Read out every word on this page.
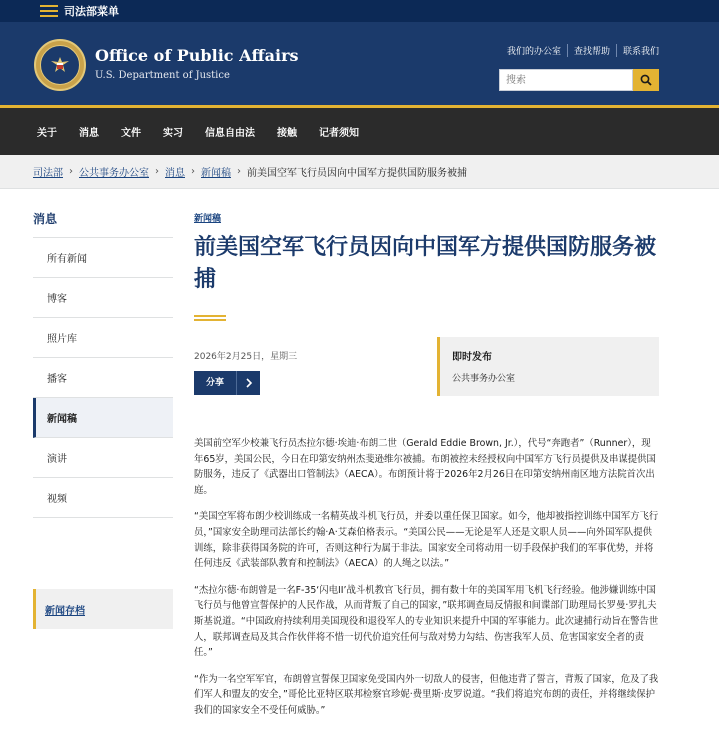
司法部菜单
Office of Public Affairs
U.S. Department of Justice
我们的办公室	查找帮助	联系我们
搜索
关于	消息	文件	实习	信息自由法	接触	记者须知
司法部 › 公共事务办公室 › 消息 › 新闻稿 › 前美国空军飞行员因向中国军方提供国防服务被捕
消息
所有新闻
博客
照片库
播客
新闻稿
演讲
视频
新闻存档
新闻稿
前美国空军飞行员因向中国军方提供国防服务被捕
2026年2月25日，星期三
分享
即时发布
公共事务办公室

美国前空军少校兼飞行员杰拉尔德·埃迪·布朗二世（Gerald Eddie Brown, Jr.），代号“奔跑者”（Runner），现年65岁，美国公民，今日在印第安纳州杰斐逊维尔被捕。布朗被控未经授权向中国军方飞行员提供及串谋提供国防服务，违反了《武器出口管制法》（AECA）。布朗预计将于2026年2月26日在印第安纳州南区地方法院首次出庭。

“美国空军将布朗少校训练成一名精英战斗机飞行员，并委以重任保卫国家。如今，他却被指控训练中国军方飞行员，”国家安全助理司法部长约翰·A·艾森伯格表示。“美国公民——无论是军人还是文职人员——向外国军队提供训练，除非获得国务院的许可，否则这种行为属于非法。国家安全司将动用一切手段保护我们的军事优势，并将任何违反《武装部队教育和控制法》（AECA）的人绳之以法。”

“杰拉尔德·布朗曾是一名F-35‘闪电II’战斗机教官飞行员，拥有数十年的美国军用飞机飞行经验。他涉嫌训练中国飞行员与他曾宣誓保护的人民作战，从而背叛了自己的国家，”联邦调查局反情报和间谍部门助理局长罗曼·罗扎夫斯基说道。“中国政府持续利用美国现役和退役军人的专业知识来提升中国的军事能力。此次逮捕行动旨在警告世人，联邦调查局及其合作伙伴将不惜一切代价追究任何与敌对势力勾结、伤害我军人员、危害国家安全者的责任。”

“作为一名空军军官，布朗曾宣誓保卫国家免受国内外一切敌人的侵害，但他违背了誓言，背叛了国家，危及了我们军人和盟友的安全，”哥伦比亚特区联邦检察官珍妮·费里斯·皮罗说道。“我们将追究布朗的责任，并将继续保护我们的国家安全不受任何威胁。”
